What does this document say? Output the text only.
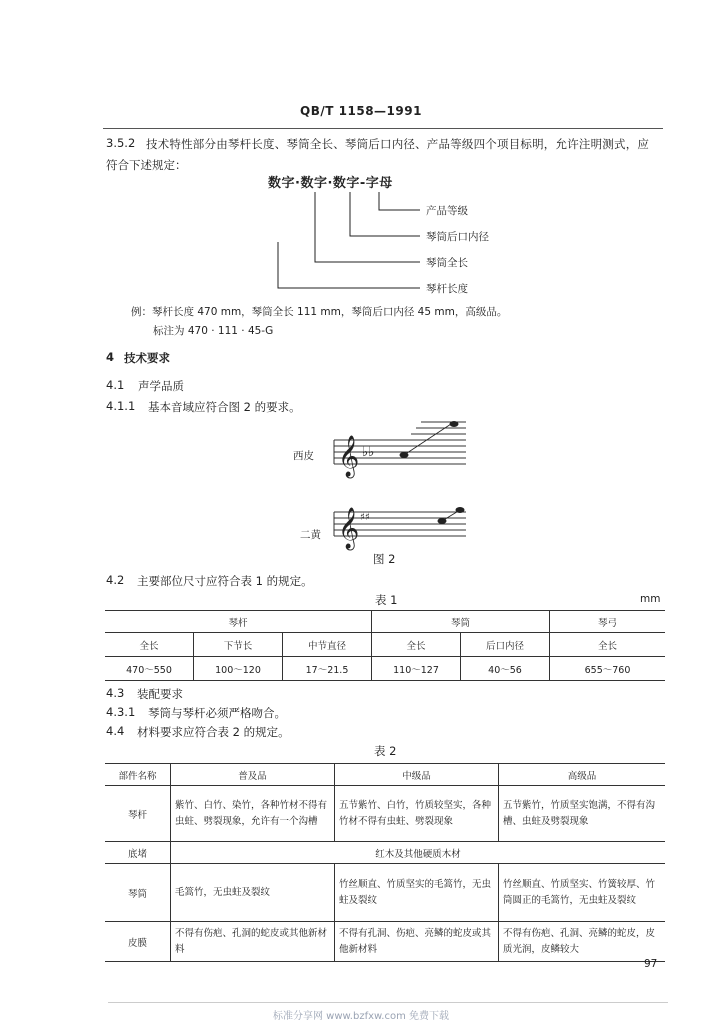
QB/T 1158—1991
3.5.2 技术特性部分由琴杆长度、琴筒全长、琴筒后口内径、产品等级四个项目标明，允许注明测式，应
符合下述规定：
数字·数字·数字-字母
产品等级
琴筒后口内径
琴筒全长
琴杆长度
例：琴杆长度 470 mm，琴筒全长 111 mm，琴筒后口内径 45 mm，高级品。
标注为 470 · 111 · 45-G
4 技术要求
4.1 声学品质
4.1.1 基本音域应符合图 2 的要求。
西皮 𝄞 ♭♭
二黄 𝄞 ♯♯
图 2
4.2 主要部位尺寸应符合表 1 的规定。
表 1	mm
琴杆			琴筒		琴弓
全长	下节长	中节直径	全长	后口内径	全长
470～550	100～120	17～21.5	110～127	40～56	655～760
4.3 装配要求
4.3.1 琴筒与琴杆必须严格吻合。
4.4 材料要求应符合表 2 的规定。
表 2
部件名称	普及品	中级品	高级品
琴杆	紫竹、白竹、染竹，各种竹材不得有虫蛀、劈裂现象，允许有一个沟槽	五节紫竹、白竹，竹质较坚实，各种竹材不得有虫蛀、劈裂现象	五节紫竹，竹质坚实饱满，不得有沟槽、虫蛀及劈裂现象
底堵	红木及其他硬质木材		
琴筒	毛篙竹，无虫蛀及裂纹	竹丝顺直、竹质坚实的毛篙竹，无虫蛀及裂纹	竹丝顺直、竹质坚实、竹簧较厚、竹筒圆正的毛篙竹，无虫蛀及裂纹
皮膜	不得有伤疤、孔洞的蛇皮或其他新材料	不得有孔洞、伤疤、亮鳞的蛇皮或其他新材料	不得有伤疤、孔洞、亮鳞的蛇皮，皮质光润，皮鳞较大
97
标准分享网 www.bzfxw.com 免费下载
